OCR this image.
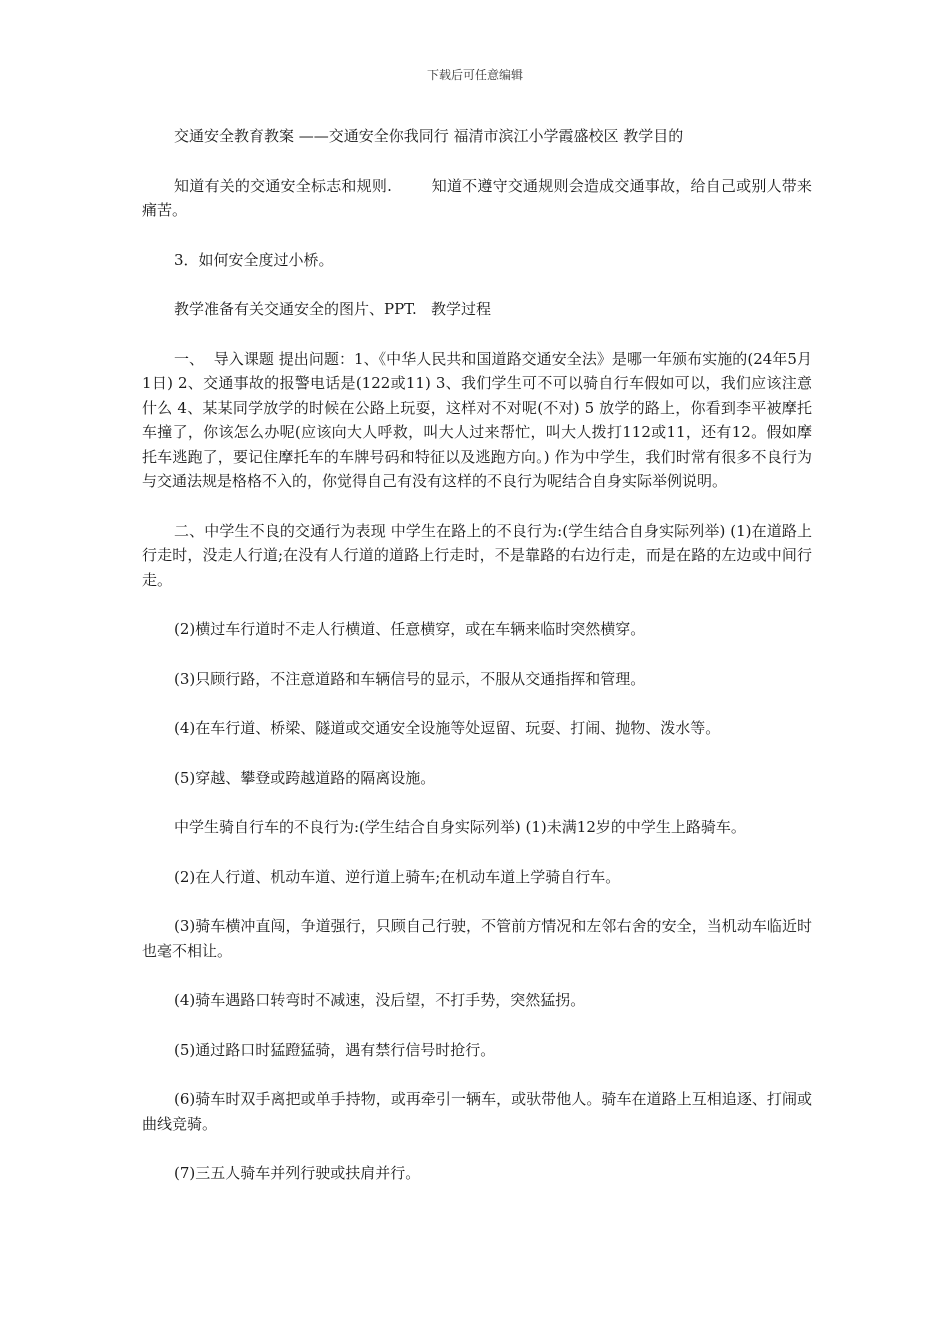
下载后可任意编辑

交通安全教育教案 ——交通安全你我同行 福清市滨江小学霞盛校区 教学目的

知道有关的交通安全标志和规则.        知道不遵守交通规则会造成交通事故，给自己或别人带来痛苦。

3．如何安全度过小桥。

教学准备有关交通安全的图片、PPT.   教学过程

一、  导入课题 提出问题：1、《中华人民共和国道路交通安全法》是哪一年颁布实施的(24年5月1日) 2、交通事故的报警电话是(122或11) 3、我们学生可不可以骑自行车假如可以，我们应该注意什么 4、某某同学放学的时候在公路上玩耍，这样对不对呢(不对) 5 放学的路上，你看到李平被摩托车撞了，你该怎么办呢(应该向大人呼救，叫大人过来帮忙，叫大人拨打112或11，还有12。假如摩托车逃跑了，要记住摩托车的车牌号码和特征以及逃跑方向。) 作为中学生，我们时常有很多不良行为与交通法规是格格不入的，你觉得自己有没有这样的不良行为呢结合自身实际举例说明。

二、中学生不良的交通行为表现 中学生在路上的不良行为:(学生结合自身实际列举) (1)在道路上行走时，没走人行道;在没有人行道的道路上行走时，不是靠路的右边行走，而是在路的左边或中间行走。

(2)横过车行道时不走人行横道、任意横穿，或在车辆来临时突然横穿。

(3)只顾行路，不注意道路和车辆信号的显示，不服从交通指挥和管理。

(4)在车行道、桥梁、隧道或交通安全设施等处逗留、玩耍、打闹、抛物、泼水等。

(5)穿越、攀登或跨越道路的隔离设施。

中学生骑自行车的不良行为:(学生结合自身实际列举) (1)未满12岁的中学生上路骑车。

(2)在人行道、机动车道、逆行道上骑车;在机动车道上学骑自行车。

(3)骑车横冲直闯，争道强行，只顾自己行驶，不管前方情况和左邻右舍的安全，当机动车临近时也毫不相让。

(4)骑车遇路口转弯时不减速，没后望，不打手势，突然猛拐。

(5)通过路口时猛蹬猛骑，遇有禁行信号时抢行。

(6)骑车时双手离把或单手持物，或再牵引一辆车，或驮带他人。骑车在道路上互相追逐、打闹或曲线竞骑。

(7)三五人骑车并列行驶或扶肩并行。
